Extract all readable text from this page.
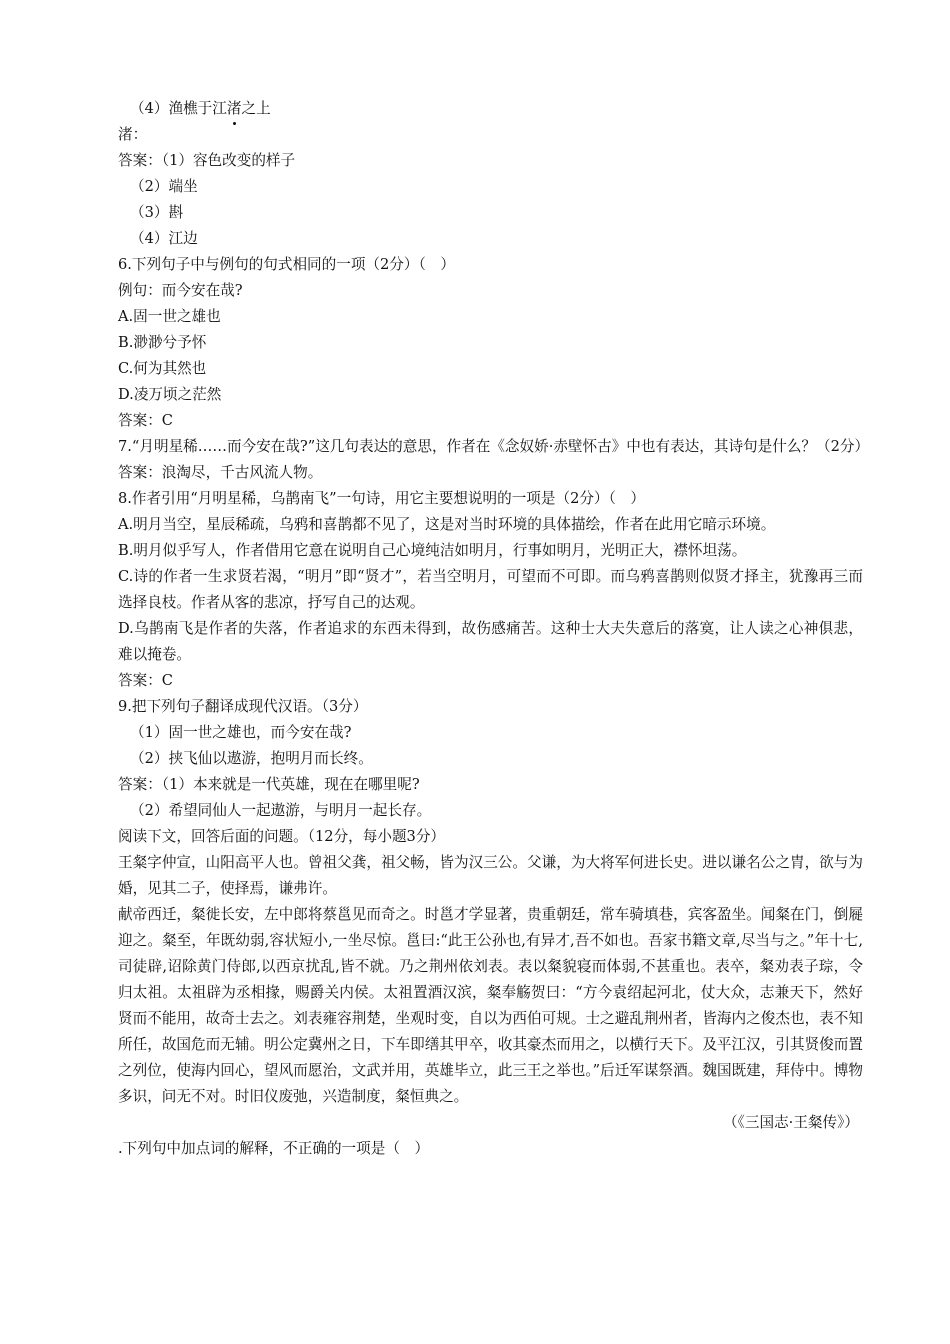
（4）渔樵于江渚之上

渚：

答案：（1）容色改变的样子

（2）端坐

（3）斟

（4）江边

6.下列句子中与例句的句式相同的一项（2分）（　）

例句：而今安在哉?

A.固一世之雄也

B.渺渺兮予怀

C.何为其然也

D.凌万顷之茫然

答案：C

7.“月明星稀……而今安在哉?”这几句表达的意思，作者在《念奴娇·赤壁怀古》中也有表达，其诗句是什么？（2分）

答案：浪淘尽，千古风流人物。

8.作者引用“月明星稀，乌鹊南飞”一句诗，用它主要想说明的一项是（2分）（　）

A.明月当空，星辰稀疏，乌鸦和喜鹊都不见了，这是对当时环境的具体描绘，作者在此用它暗示环境。

B.明月似乎写人，作者借用它意在说明自己心境纯洁如明月，行事如明月，光明正大，襟怀坦荡。

C.诗的作者一生求贤若渴，“明月”即“贤才”，若当空明月，可望而不可即。而乌鸦喜鹊则似贤才择主，犹豫再三而选择良枝。作者从客的悲凉，抒写自己的达观。

D.乌鹊南飞是作者的失落，作者追求的东西未得到，故伤感痛苦。这种士大夫失意后的落寞，让人读之心神俱悲，难以掩卷。

答案：C

9.把下列句子翻译成现代汉语。（3分）

（1）固一世之雄也，而今安在哉?

（2）挟飞仙以遨游，抱明月而长终。

答案：（1）本来就是一代英雄，现在在哪里呢?

（2）希望同仙人一起遨游，与明月一起长存。

阅读下文，回答后面的问题。（12分，每小题3分）

王粲字仲宣，山阳高平人也。曾祖父龚，祖父畅，皆为汉三公。父谦，为大将军何进长史。进以谦名公之胄，欲与为婚，见其二子，使择焉，谦弗许。

献帝西迁，粲徙长安，左中郎将蔡邕见而奇之。时邕才学显著，贵重朝廷，常车骑填巷，宾客盈坐。闻粲在门，倒屣迎之。粲至，年既幼弱,容状短小,一坐尽惊。邕曰:“此王公孙也,有异才,吾不如也。吾家书籍文章,尽当与之。”年十七,司徒辟,诏除黄门侍郎,以西京扰乱,皆不就。乃之荆州依刘表。表以粲貌寝而体弱,不甚重也。表卒，粲劝表子琮，令归太祖。太祖辟为丞相掾，赐爵关内侯。太祖置酒汉滨，粲奉觞贺曰：“方今袁绍起河北，仗大众，志兼天下，然好贤而不能用，故奇士去之。刘表雍容荆楚，坐观时变，自以为西伯可规。士之避乱荆州者，皆海内之俊杰也，表不知所任，故国危而无辅。明公定冀州之日，下车即缮其甲卒，收其豪杰而用之，以横行天下。及平江汉，引其贤俊而置之列位，使海内回心，望风而愿治，文武并用，英雄毕立，此三王之举也。”后迁军谋祭酒。魏国既建，拜侍中。博物多识，问无不对。时旧仪废弛，兴造制度，粲恒典之。

（《三国志·王粲传》）

.下列句中加点词的解释，不正确的一项是（　）
